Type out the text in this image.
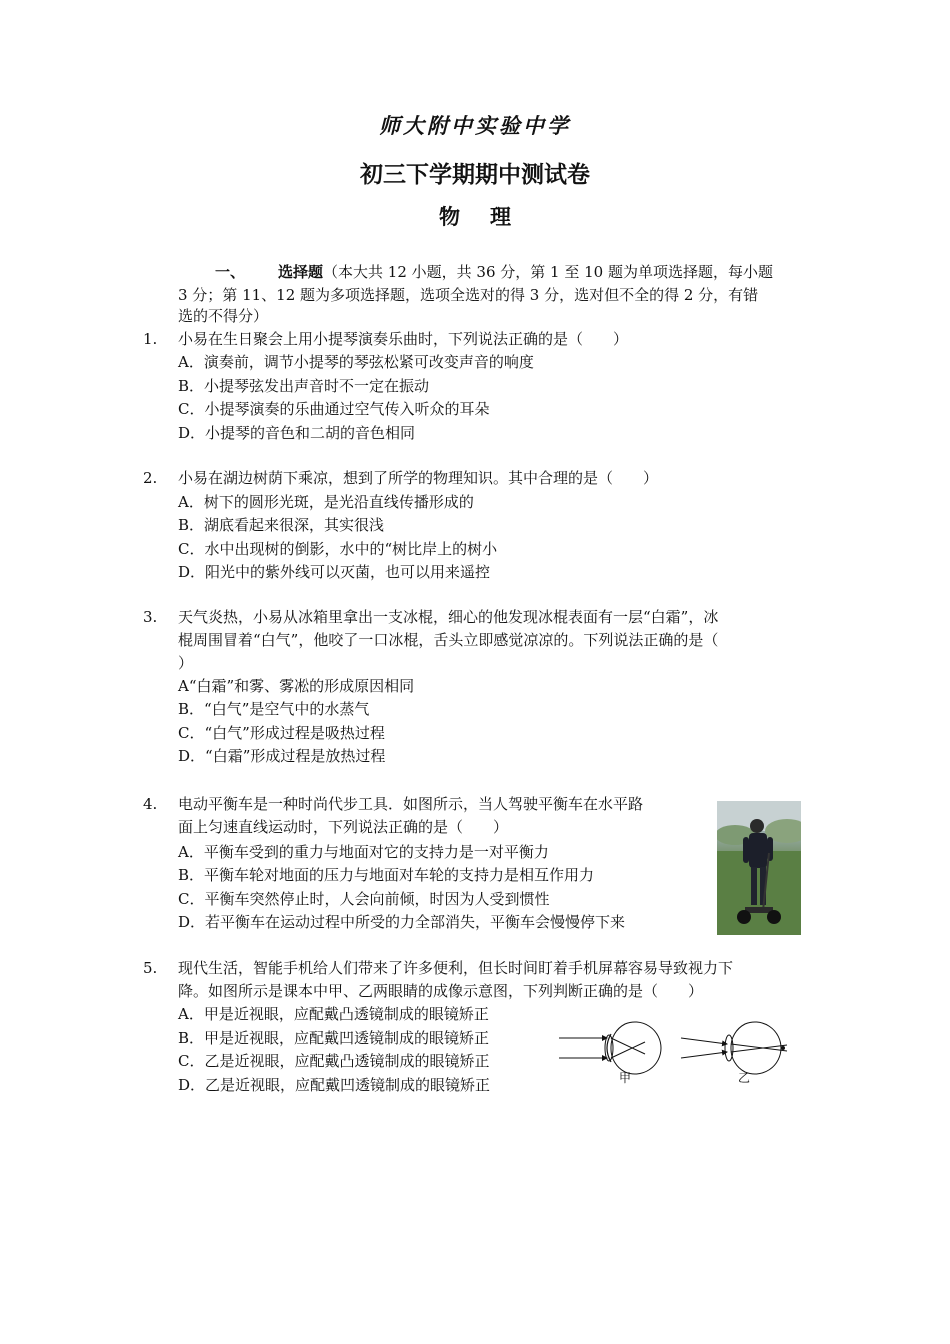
师大附中实验中学
初三下学期期中测试卷
物理
一、 选择题（本大共 12 小题，共 36 分，第 1 至 10 题为单项选择题，每小题
3 分；第 11、12 题为多项选择题，选项全选对的得 3 分，选对但不全的得 2 分，有错
选的不得分）
1. 小易在生日聚会上用小提琴演奏乐曲时，下列说法正确的是（　　）
A．演奏前，调节小提琴的琴弦松紧可改变声音的响度
B．小提琴弦发出声音时不一定在振动
C．小提琴演奏的乐曲通过空气传入听众的耳朵
D．小提琴的音色和二胡的音色相同
2. 小易在湖边树荫下乘凉，想到了所学的物理知识。其中合理的是（　　）
A．树下的圆形光斑，是光沿直线传播形成的
B．湖底看起来很深，其实很浅
C．水中出现树的倒影，水中的“树比岸上的树小
D．阳光中的紫外线可以灭菌，也可以用来遥控
3. 天气炎热，小易从冰箱里拿出一支冰棍，细心的他发现冰棍表面有一层“白霜”，冰
棍周围冒着“白气”，他咬了一口冰棍，舌头立即感觉凉凉的。下列说法正确的是（
）
A“白霜”和雾、雾凇的形成原因相同
B．“白气”是空气中的水蒸气
C．“白气”形成过程是吸热过程
D．“白霜”形成过程是放热过程
4. 电动平衡车是一种时尚代步工具．如图所示，当人驾驶平衡车在水平路
面上匀速直线运动时，下列说法正确的是（　　）
A．平衡车受到的重力与地面对它的支持力是一对平衡力
B．平衡车轮对地面的压力与地面对车轮的支持力是相互作用力
C．平衡车突然停止时，人会向前倾，时因为人受到惯性
D．若平衡车在运动过程中所受的力全部消失，平衡车会慢慢停下来
5. 现代生活，智能手机给人们带来了许多便利，但长时间盯着手机屏幕容易导致视力下
降。如图所示是课本中甲、乙两眼睛的成像示意图，下列判断正确的是（　　）
A．甲是近视眼，应配戴凸透镜制成的眼镜矫正
B．甲是近视眼，应配戴凹透镜制成的眼镜矫正
C．乙是近视眼，应配戴凸透镜制成的眼镜矫正
D．乙是近视眼，应配戴凹透镜制成的眼镜矫正	甲	乙
